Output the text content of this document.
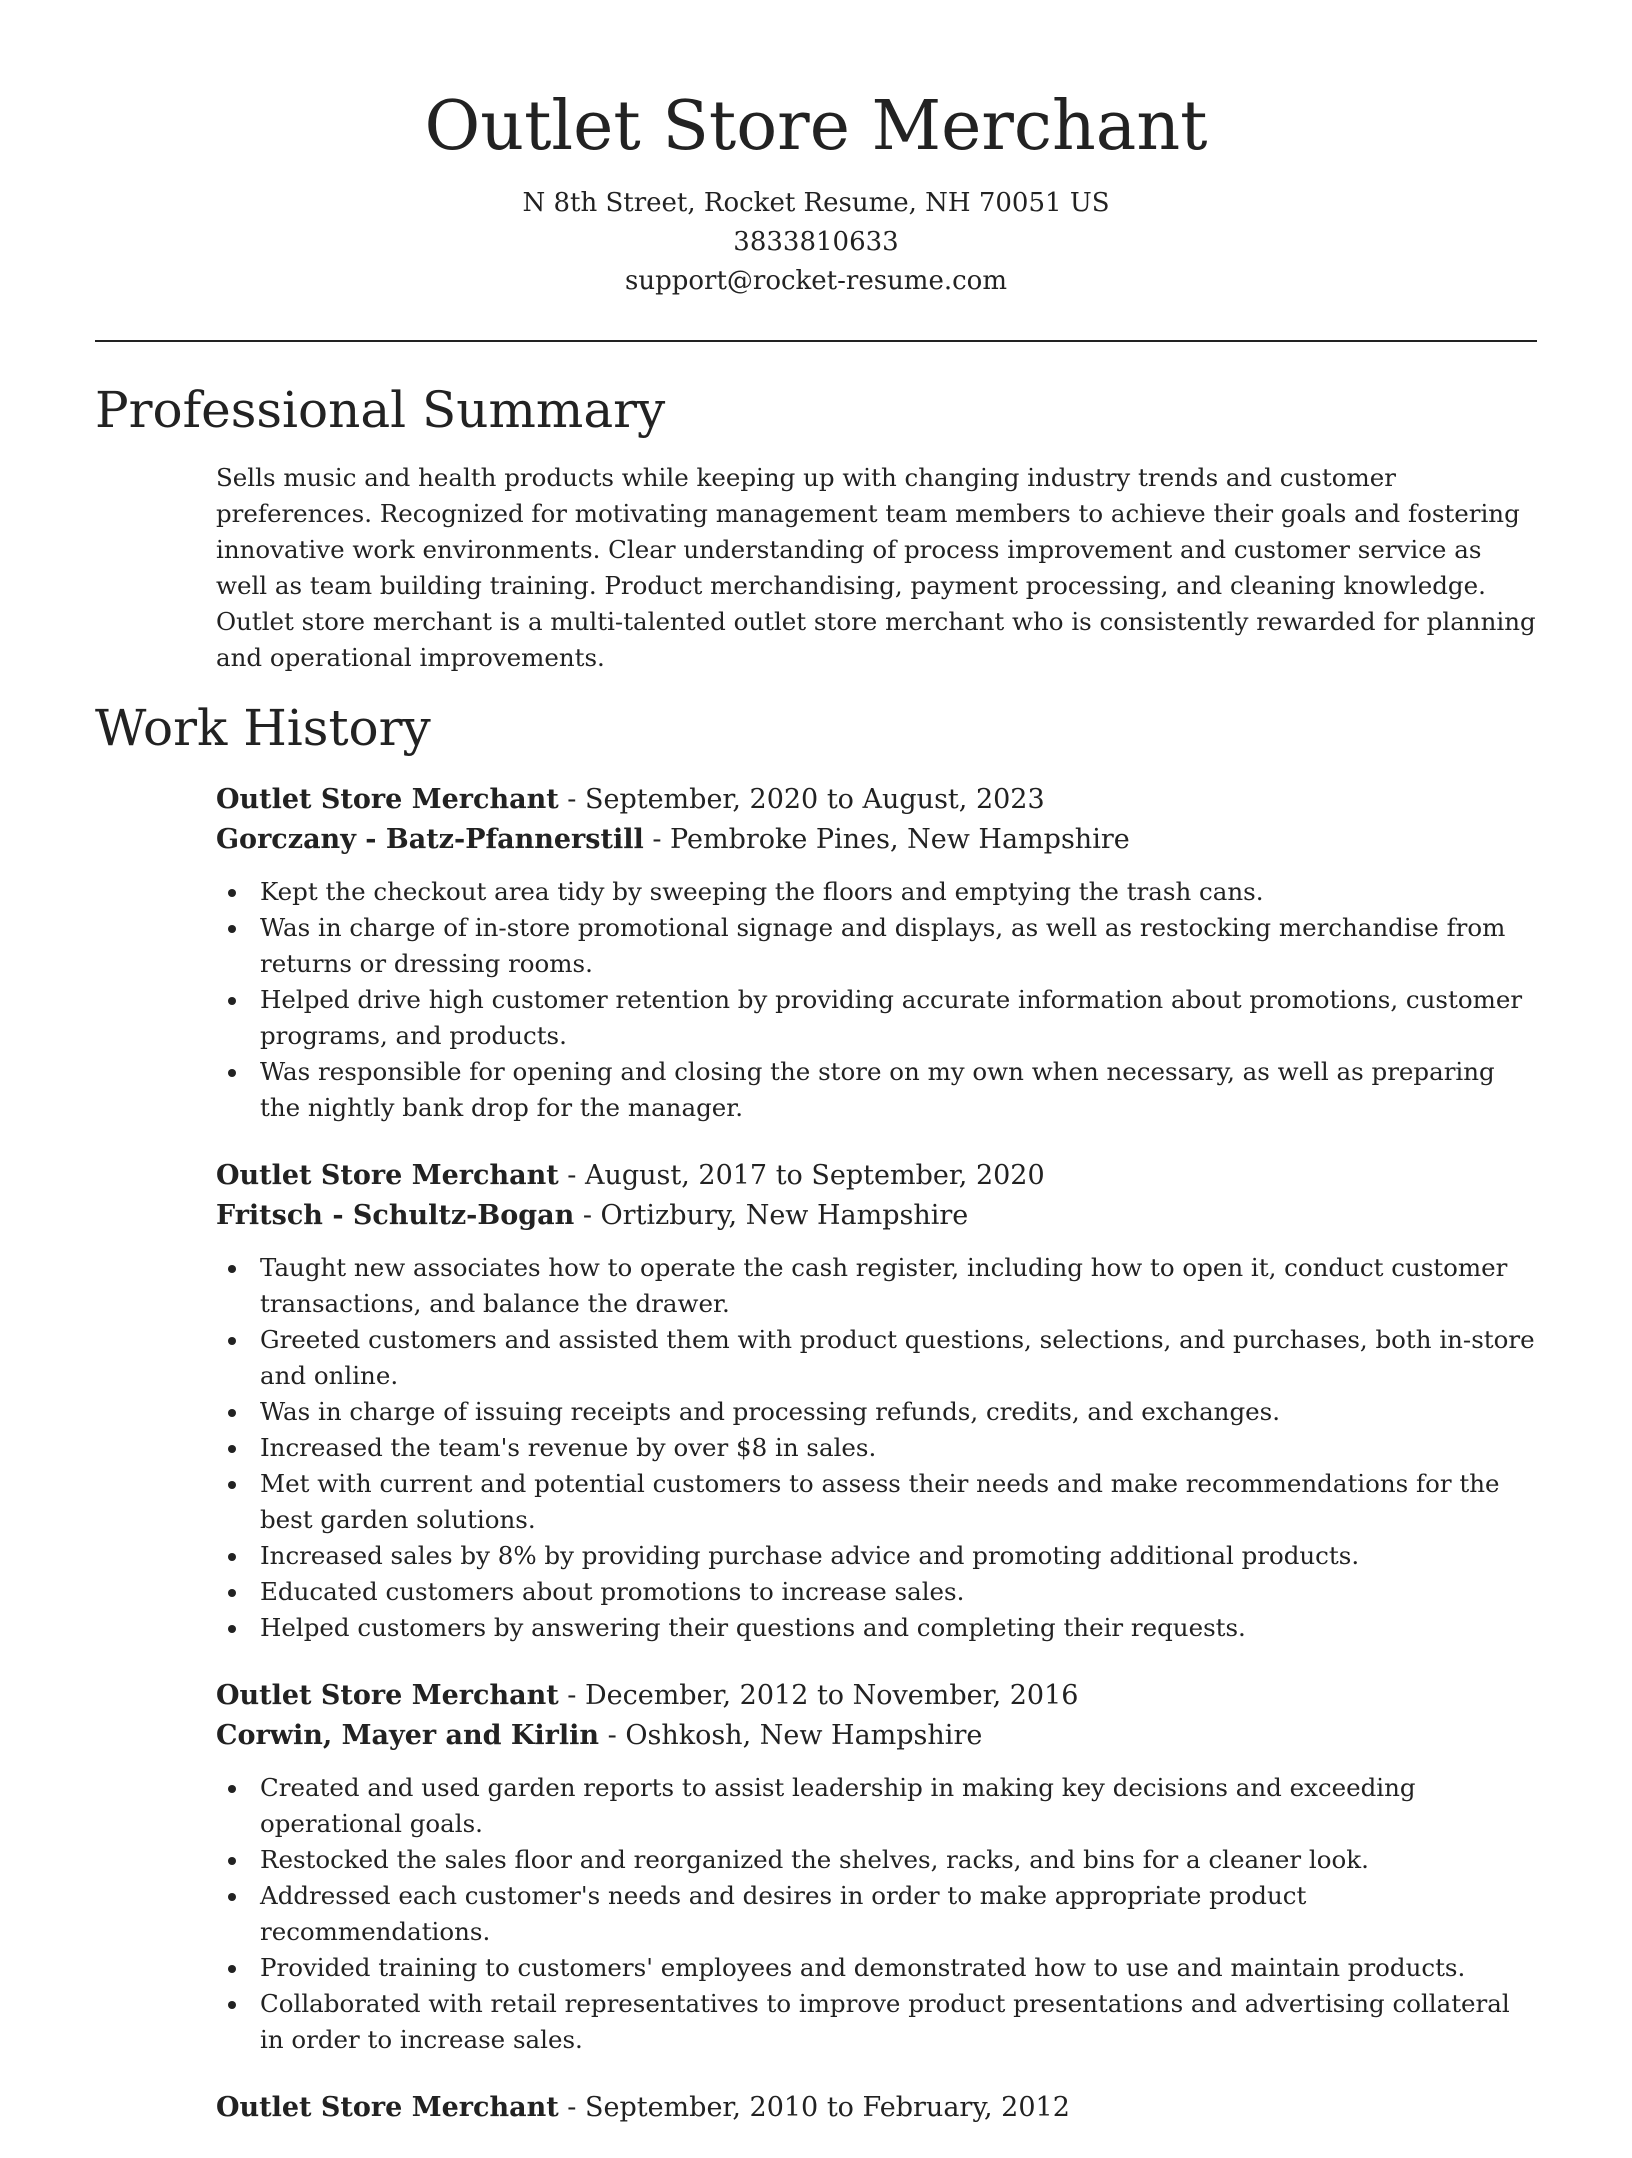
Outlet Store Merchant

N 8th Street, Rocket Resume, NH 70051 US

3833810633

support@rocket-resume.com

Professional Summary

Sells music and health products while keeping up with changing industry trends and customer preferences. Recognized for motivating management team members to achieve their goals and fostering innovative work environments. Clear understanding of process improvement and customer service as well as team building training. Product merchandising, payment processing, and cleaning knowledge. Outlet store merchant is a multi-talented outlet store merchant who is consistently rewarded for planning and operational improvements.

Work History

Outlet Store Merchant - September, 2020 to August, 2023

Gorczany - Batz-Pfannerstill - Pembroke Pines, New Hampshire

Kept the checkout area tidy by sweeping the floors and emptying the trash cans.
Was in charge of in-store promotional signage and displays, as well as restocking merchandise from returns or dressing rooms.
Helped drive high customer retention by providing accurate information about promotions, customer programs, and products.
Was responsible for opening and closing the store on my own when necessary, as well as preparing the nightly bank drop for the manager.

Outlet Store Merchant - August, 2017 to September, 2020

Fritsch - Schultz-Bogan - Ortizbury, New Hampshire

Taught new associates how to operate the cash register, including how to open it, conduct customer transactions, and balance the drawer.
Greeted customers and assisted them with product questions, selections, and purchases, both in-store and online.
Was in charge of issuing receipts and processing refunds, credits, and exchanges.
Increased the team's revenue by over $8 in sales.
Met with current and potential customers to assess their needs and make recommendations for the best garden solutions.
Increased sales by 8% by providing purchase advice and promoting additional products.
Educated customers about promotions to increase sales.
Helped customers by answering their questions and completing their requests.

Outlet Store Merchant - December, 2012 to November, 2016

Corwin, Mayer and Kirlin - Oshkosh, New Hampshire

Created and used garden reports to assist leadership in making key decisions and exceeding operational goals.
Restocked the sales floor and reorganized the shelves, racks, and bins for a cleaner look.
Addressed each customer's needs and desires in order to make appropriate product recommendations.
Provided training to customers' employees and demonstrated how to use and maintain products.
Collaborated with retail representatives to improve product presentations and advertising collateral in order to increase sales.

Outlet Store Merchant - September, 2010 to February, 2012
